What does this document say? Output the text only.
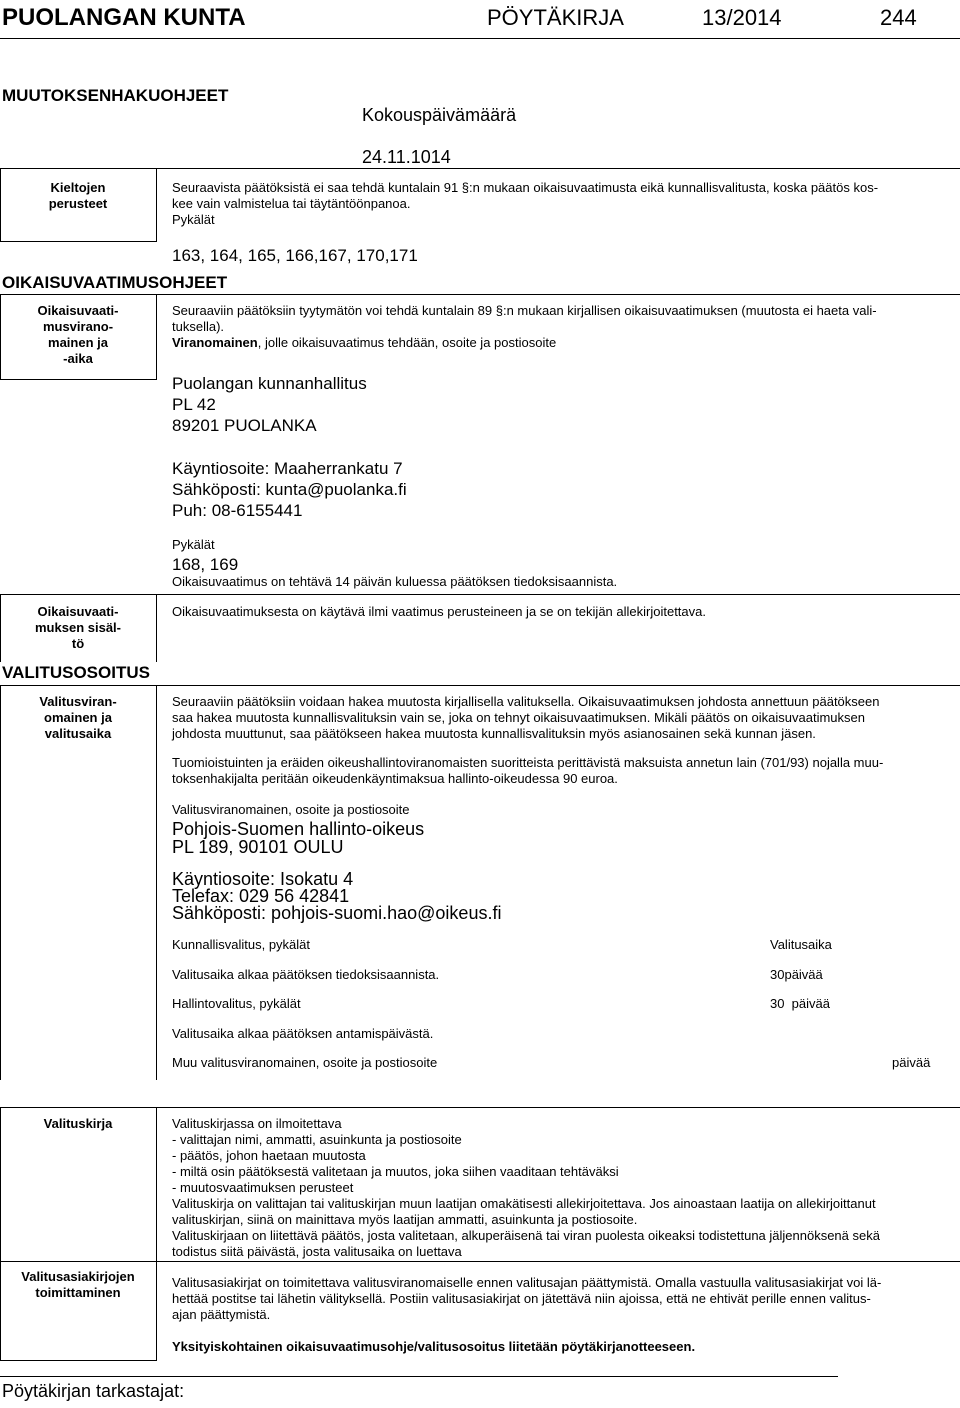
PUOLANGAN KUNTA	PÖYTÄKIRJA	13/2014	244
MUUTOKSENHAKUOHJEET
Kokouspäivämäärä
24.11.1014
Kieltojen
perusteet
Seuraavista päätöksistä ei saa tehdä kuntalain 91 §:n mukaan oikaisuvaatimusta eikä kunnallisvalitusta, koska päätös kos-
kee vain valmistelua tai täytäntöönpanoa.
Pykälät
163, 164, 165, 166,167, 170,171
OIKAISUVAATIMUSOHJEET
Oikaisuvaati-
musvirano-
mainen ja
-aika
Seuraaviin päätöksiin tyytymätön voi tehdä kuntalain 89 §:n mukaan kirjallisen oikaisuvaatimuksen (muutosta ei haeta vali-
tuksella).
Viranomainen, jolle oikaisuvaatimus tehdään, osoite ja postiosoite
Puolangan kunnanhallitus
PL 42
89201 PUOLANKA
Käyntiosoite: Maaherrankatu 7
Sähköposti: kunta@puolanka.fi
Puh: 08-6155441
Pykälät
168, 169
Oikaisuvaatimus on tehtävä 14 päivän kuluessa päätöksen tiedoksisaannista.
Oikaisuvaati-
muksen sisäl-
tö
Oikaisuvaatimuksesta on käytävä ilmi vaatimus perusteineen ja se on tekijän allekirjoitettava.
VALITUSOSOITUS
Valitusviran-
omainen ja
valitusaika
Seuraaviin päätöksiin voidaan hakea muutosta kirjallisella valituksella. Oikaisuvaatimuksen johdosta annettuun päätökseen
saa hakea muutosta kunnallisvalituksin vain se, joka on tehnyt oikaisuvaatimuksen. Mikäli päätös on oikaisuvaatimuksen
johdosta muuttunut, saa päätökseen hakea muutosta kunnallisvalituksin myös asianosainen sekä kunnan jäsen.
Tuomioistuinten ja eräiden oikeushallintoviranomaisten suoritteista perittävistä maksuista annetun lain (701/93) nojalla muu-
toksenhakijalta peritään oikeudenkäyntimaksua hallinto-oikeudessa 90 euroa.
Valitusviranomainen, osoite ja postiosoite
Pohjois-Suomen hallinto-oikeus
PL 189, 90101 OULU
Käyntiosoite: Isokatu 4
Telefax: 029 56 42841
Sähköposti: pohjois-suomi.hao@oikeus.fi
Kunnallisvalitus, pykälät	Valitusaika
Valitusaika alkaa päätöksen tiedoksisaannista.	30päivää
Hallintovalitus, pykälät	30  päivää
Valitusaika alkaa päätöksen antamispäivästä.
Muu valitusviranomainen, osoite ja postiosoite	päivää
Valituskirja	Valituskirjassa on ilmoitettava
- valittajan nimi, ammatti, asuinkunta ja postiosoite
- päätös, johon haetaan muutosta
- miltä osin päätöksestä valitetaan ja muutos, joka siihen vaaditaan tehtäväksi
- muutosvaatimuksen perusteet
Valituskirja on valittajan tai valituskirjan muun laatijan omakätisesti allekirjoitettava. Jos ainoastaan laatija on allekirjoittanut
valituskirjan, siinä on mainittava myös laatijan ammatti, asuinkunta ja postiosoite.
Valituskirjaan on liitettävä päätös, josta valitetaan, alkuperäisenä tai viran puolesta oikeaksi todistettuna jäljennöksenä sekä
todistus siitä päivästä, josta valitusaika on luettava
Valitusasiakirjojen
toimittaminen
Valitusasiakirjat on toimitettava valitusviranomaiselle ennen valitusajan päättymistä. Omalla vastuulla valitusasiakirjat voi lä-
hettää postitse tai lähetin välityksellä. Postiin valitusasiakirjat on jätettävä niin ajoissa, että ne ehtivät perille ennen valitus-
ajan päättymistä.
Yksityiskohtainen oikaisuvaatimusohje/valitusosoitus liitetään pöytäkirjanotteeseen.
Pöytäkirjan tarkastajat:
